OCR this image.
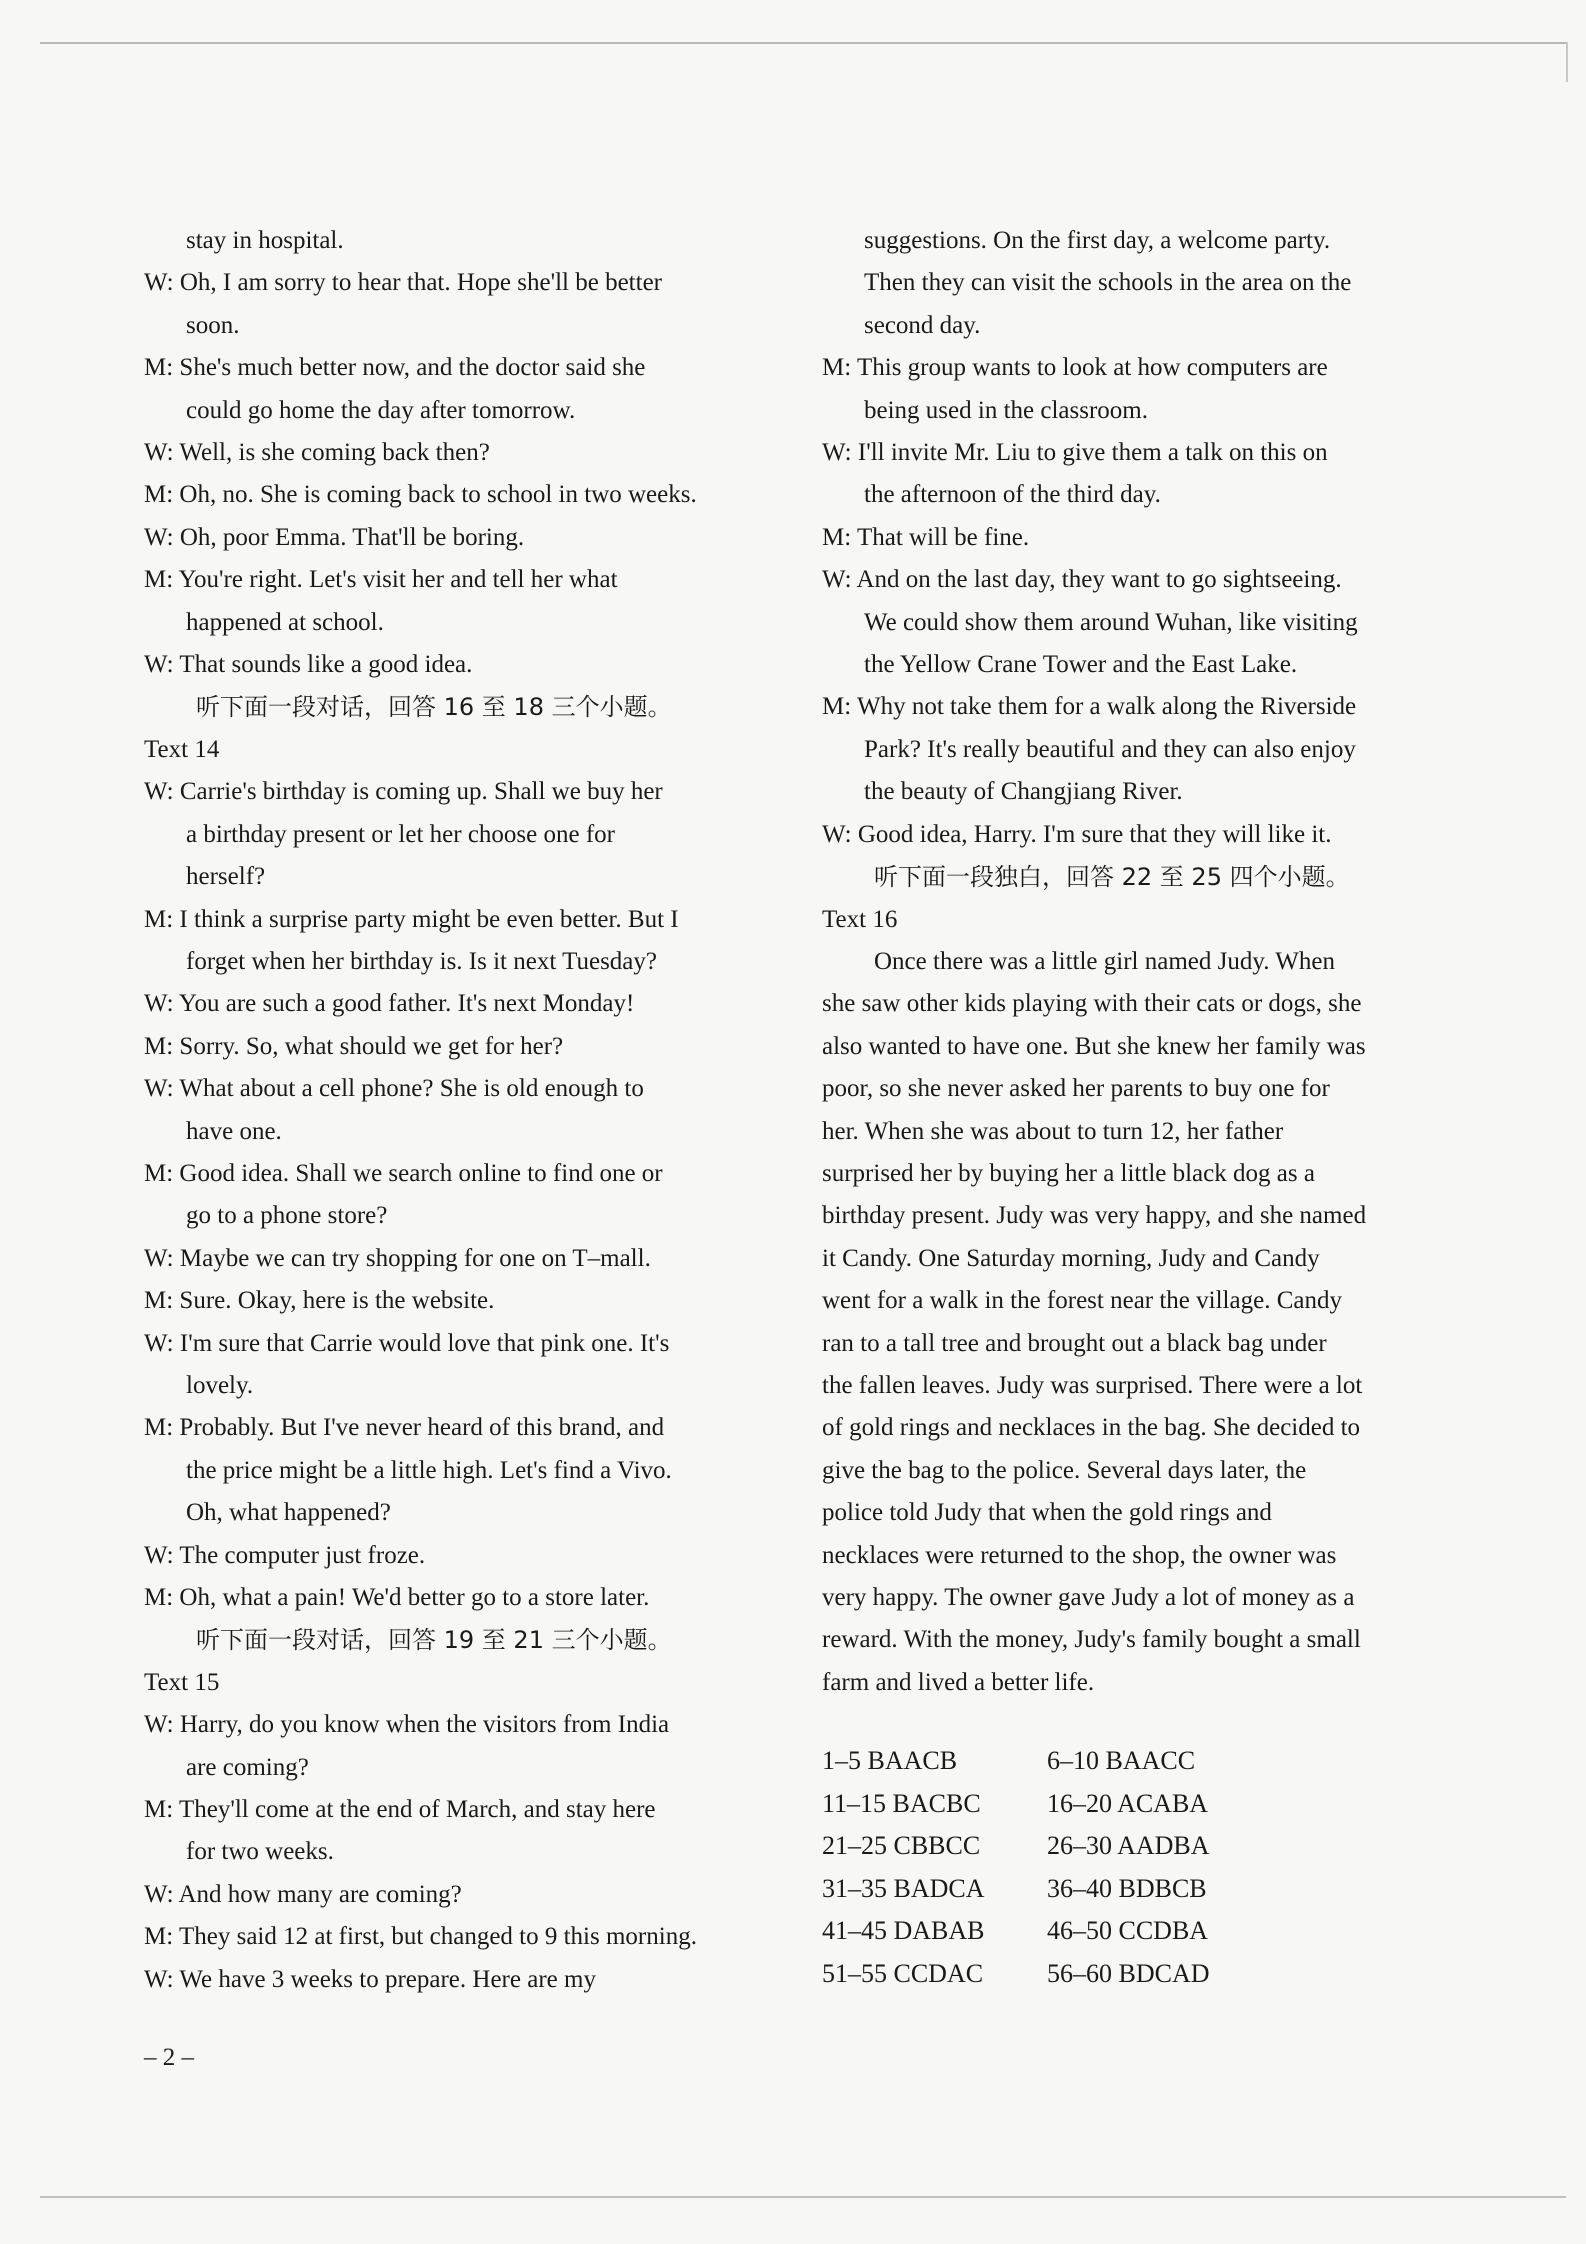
stay in hospital.
W: Oh, I am sorry to hear that. Hope she'll be better
soon.
M: She's much better now, and the doctor said she
could go home the day after tomorrow.
W: Well, is she coming back then?
M: Oh, no. She is coming back to school in two weeks.
W: Oh, poor Emma. That'll be boring.
M: You're right. Let's visit her and tell her what
happened at school.
W: That sounds like a good idea.
听下面一段对话，回答 16 至 18 三个小题。
Text 14
W: Carrie's birthday is coming up. Shall we buy her
a birthday present or let her choose one for
herself?
M: I think a surprise party might be even better. But I
forget when her birthday is. Is it next Tuesday?
W: You are such a good father. It's next Monday!
M: Sorry. So, what should we get for her?
W: What about a cell phone? She is old enough to
have one.
M: Good idea. Shall we search online to find one or
go to a phone store?
W: Maybe we can try shopping for one on T–mall.
M: Sure. Okay, here is the website.
W: I'm sure that Carrie would love that pink one. It's
lovely.
M: Probably. But I've never heard of this brand, and
the price might be a little high. Let's find a Vivo.
Oh, what happened?
W: The computer just froze.
M: Oh, what a pain! We'd better go to a store later.
听下面一段对话，回答 19 至 21 三个小题。
Text 15
W: Harry, do you know when the visitors from India
are coming?
M: They'll come at the end of March, and stay here
for two weeks.
W: And how many are coming?
M: They said 12 at first, but changed to 9 this morning.
W: We have 3 weeks to prepare. Here are my
suggestions. On the first day, a welcome party.
Then they can visit the schools in the area on the
second day.
M: This group wants to look at how computers are
being used in the classroom.
W: I'll invite Mr. Liu to give them a talk on this on
the afternoon of the third day.
M: That will be fine.
W: And on the last day, they want to go sightseeing.
We could show them around Wuhan, like visiting
the Yellow Crane Tower and the East Lake.
M: Why not take them for a walk along the Riverside
Park? It's really beautiful and they can also enjoy
the beauty of Changjiang River.
W: Good idea, Harry. I'm sure that they will like it.
听下面一段独白，回答 22 至 25 四个小题。
Text 16
Once there was a little girl named Judy. When
she saw other kids playing with their cats or dogs, she
also wanted to have one. But she knew her family was
poor, so she never asked her parents to buy one for
her. When she was about to turn 12, her father
surprised her by buying her a little black dog as a
birthday present. Judy was very happy, and she named
it Candy. One Saturday morning, Judy and Candy
went for a walk in the forest near the village. Candy
ran to a tall tree and brought out a black bag under
the fallen leaves. Judy was surprised. There were a lot
of gold rings and necklaces in the bag. She decided to
give the bag to the police. Several days later, the
police told Judy that when the gold rings and
necklaces were returned to the shop, the owner was
very happy. The owner gave Judy a lot of money as a
reward. With the money, Judy's family bought a small
farm and lived a better life.
1–5 BAACB	6–10 BAACC
11–15 BACBC	16–20 ACABA
21–25 CBBCC	26–30 AADBA
31–35 BADCA	36–40 BDBCB
41–45 DABAB	46–50 CCDBA
51–55 CCDAC	56–60 BDCAD
– 2 –
